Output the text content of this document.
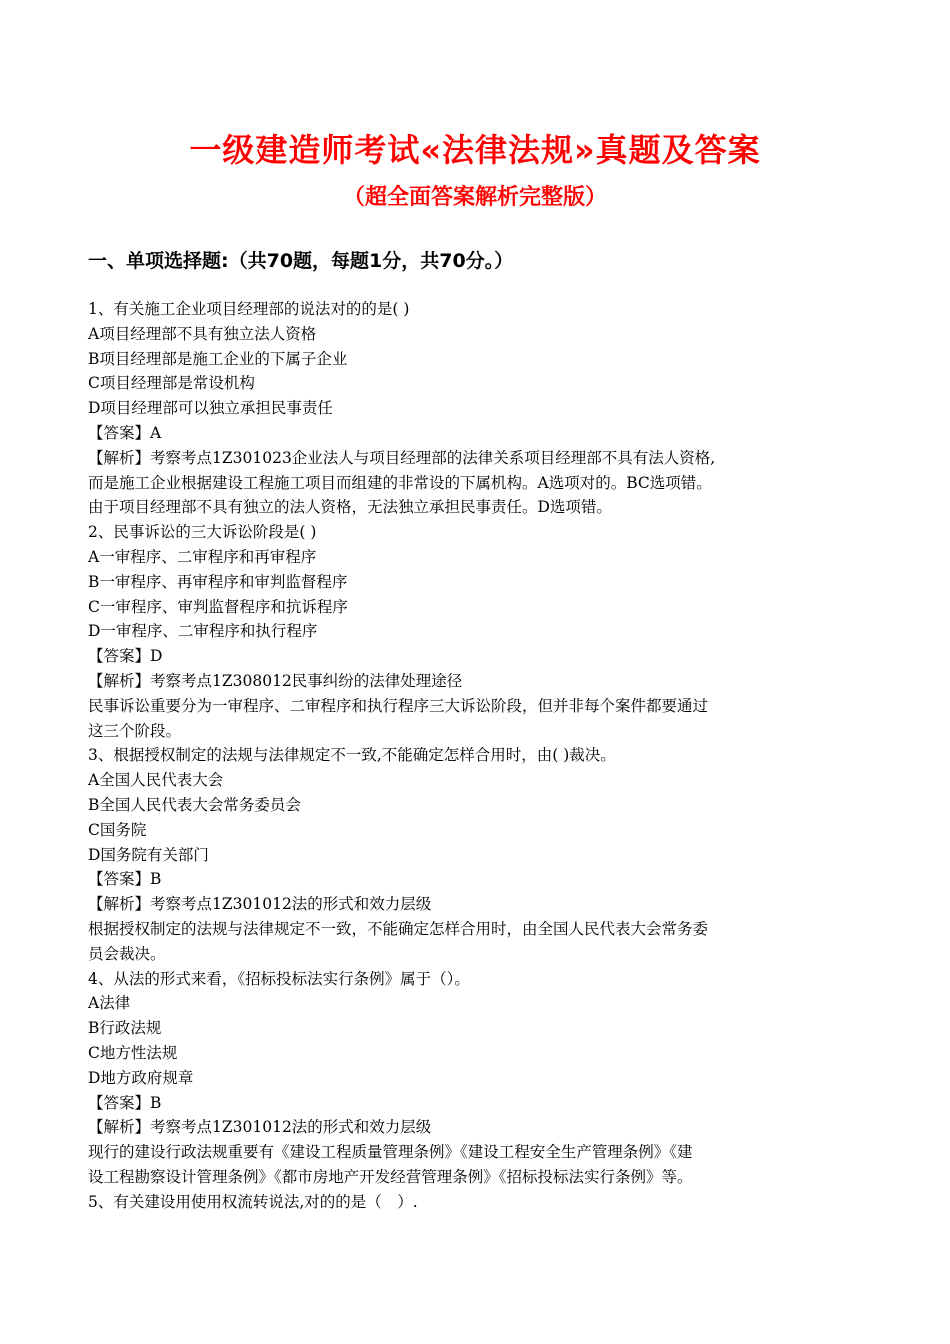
一级建造师考试«法律法规»真题及答案
（超全面答案解析完整版）
一、单项选择题:（共70题，每题1分，共70分。）
1、有关施工企业项目经理部的说法对的的是( )
A项目经理部不具有独立法人资格
B项目经理部是施工企业的下属子企业
C项目经理部是常设机构
D项目经理部可以独立承担民事责任
【答案】A
【解析】考察考点1Z301023企业法人与项目经理部的法律关系项目经理部不具有法人资格,
而是施工企业根据建设工程施工项目而组建的非常设的下属机构。A选项对的。BC选项错。
由于项目经理部不具有独立的法人资格，无法独立承担民事责任。D选项错。
2、民事诉讼的三大诉讼阶段是( )
A一审程序、二审程序和再审程序
B一审程序、再审程序和审判监督程序
C一审程序、审判监督程序和抗诉程序
D一审程序、二审程序和执行程序
【答案】D
【解析】考察考点1Z308012民事纠纷的法律处理途径
民事诉讼重要分为一审程序、二审程序和执行程序三大诉讼阶段，但并非每个案件都要通过
这三个阶段。
3、根据授权制定的法规与法律规定不一致,不能确定怎样合用时，由( )裁决。
A全国人民代表大会
B全国人民代表大会常务委员会
C国务院
D国务院有关部门
【答案】B
【解析】考察考点1Z301012法的形式和效力层级
根据授权制定的法规与法律规定不一致，不能确定怎样合用时，由全国人民代表大会常务委
员会裁决。
4、从法的形式来看，《招标投标法实行条例》属于（）。
A法律
B行政法规
C地方性法规
D地方政府规章
【答案】B
【解析】考察考点1Z301012法的形式和效力层级
现行的建设行政法规重要有《建设工程质量管理条例》《建设工程安全生产管理条例》《建
设工程勘察设计管理条例》《都市房地产开发经营管理条例》《招标投标法实行条例》等。
5、有关建设用使用权流转说法,对的的是（　）.
